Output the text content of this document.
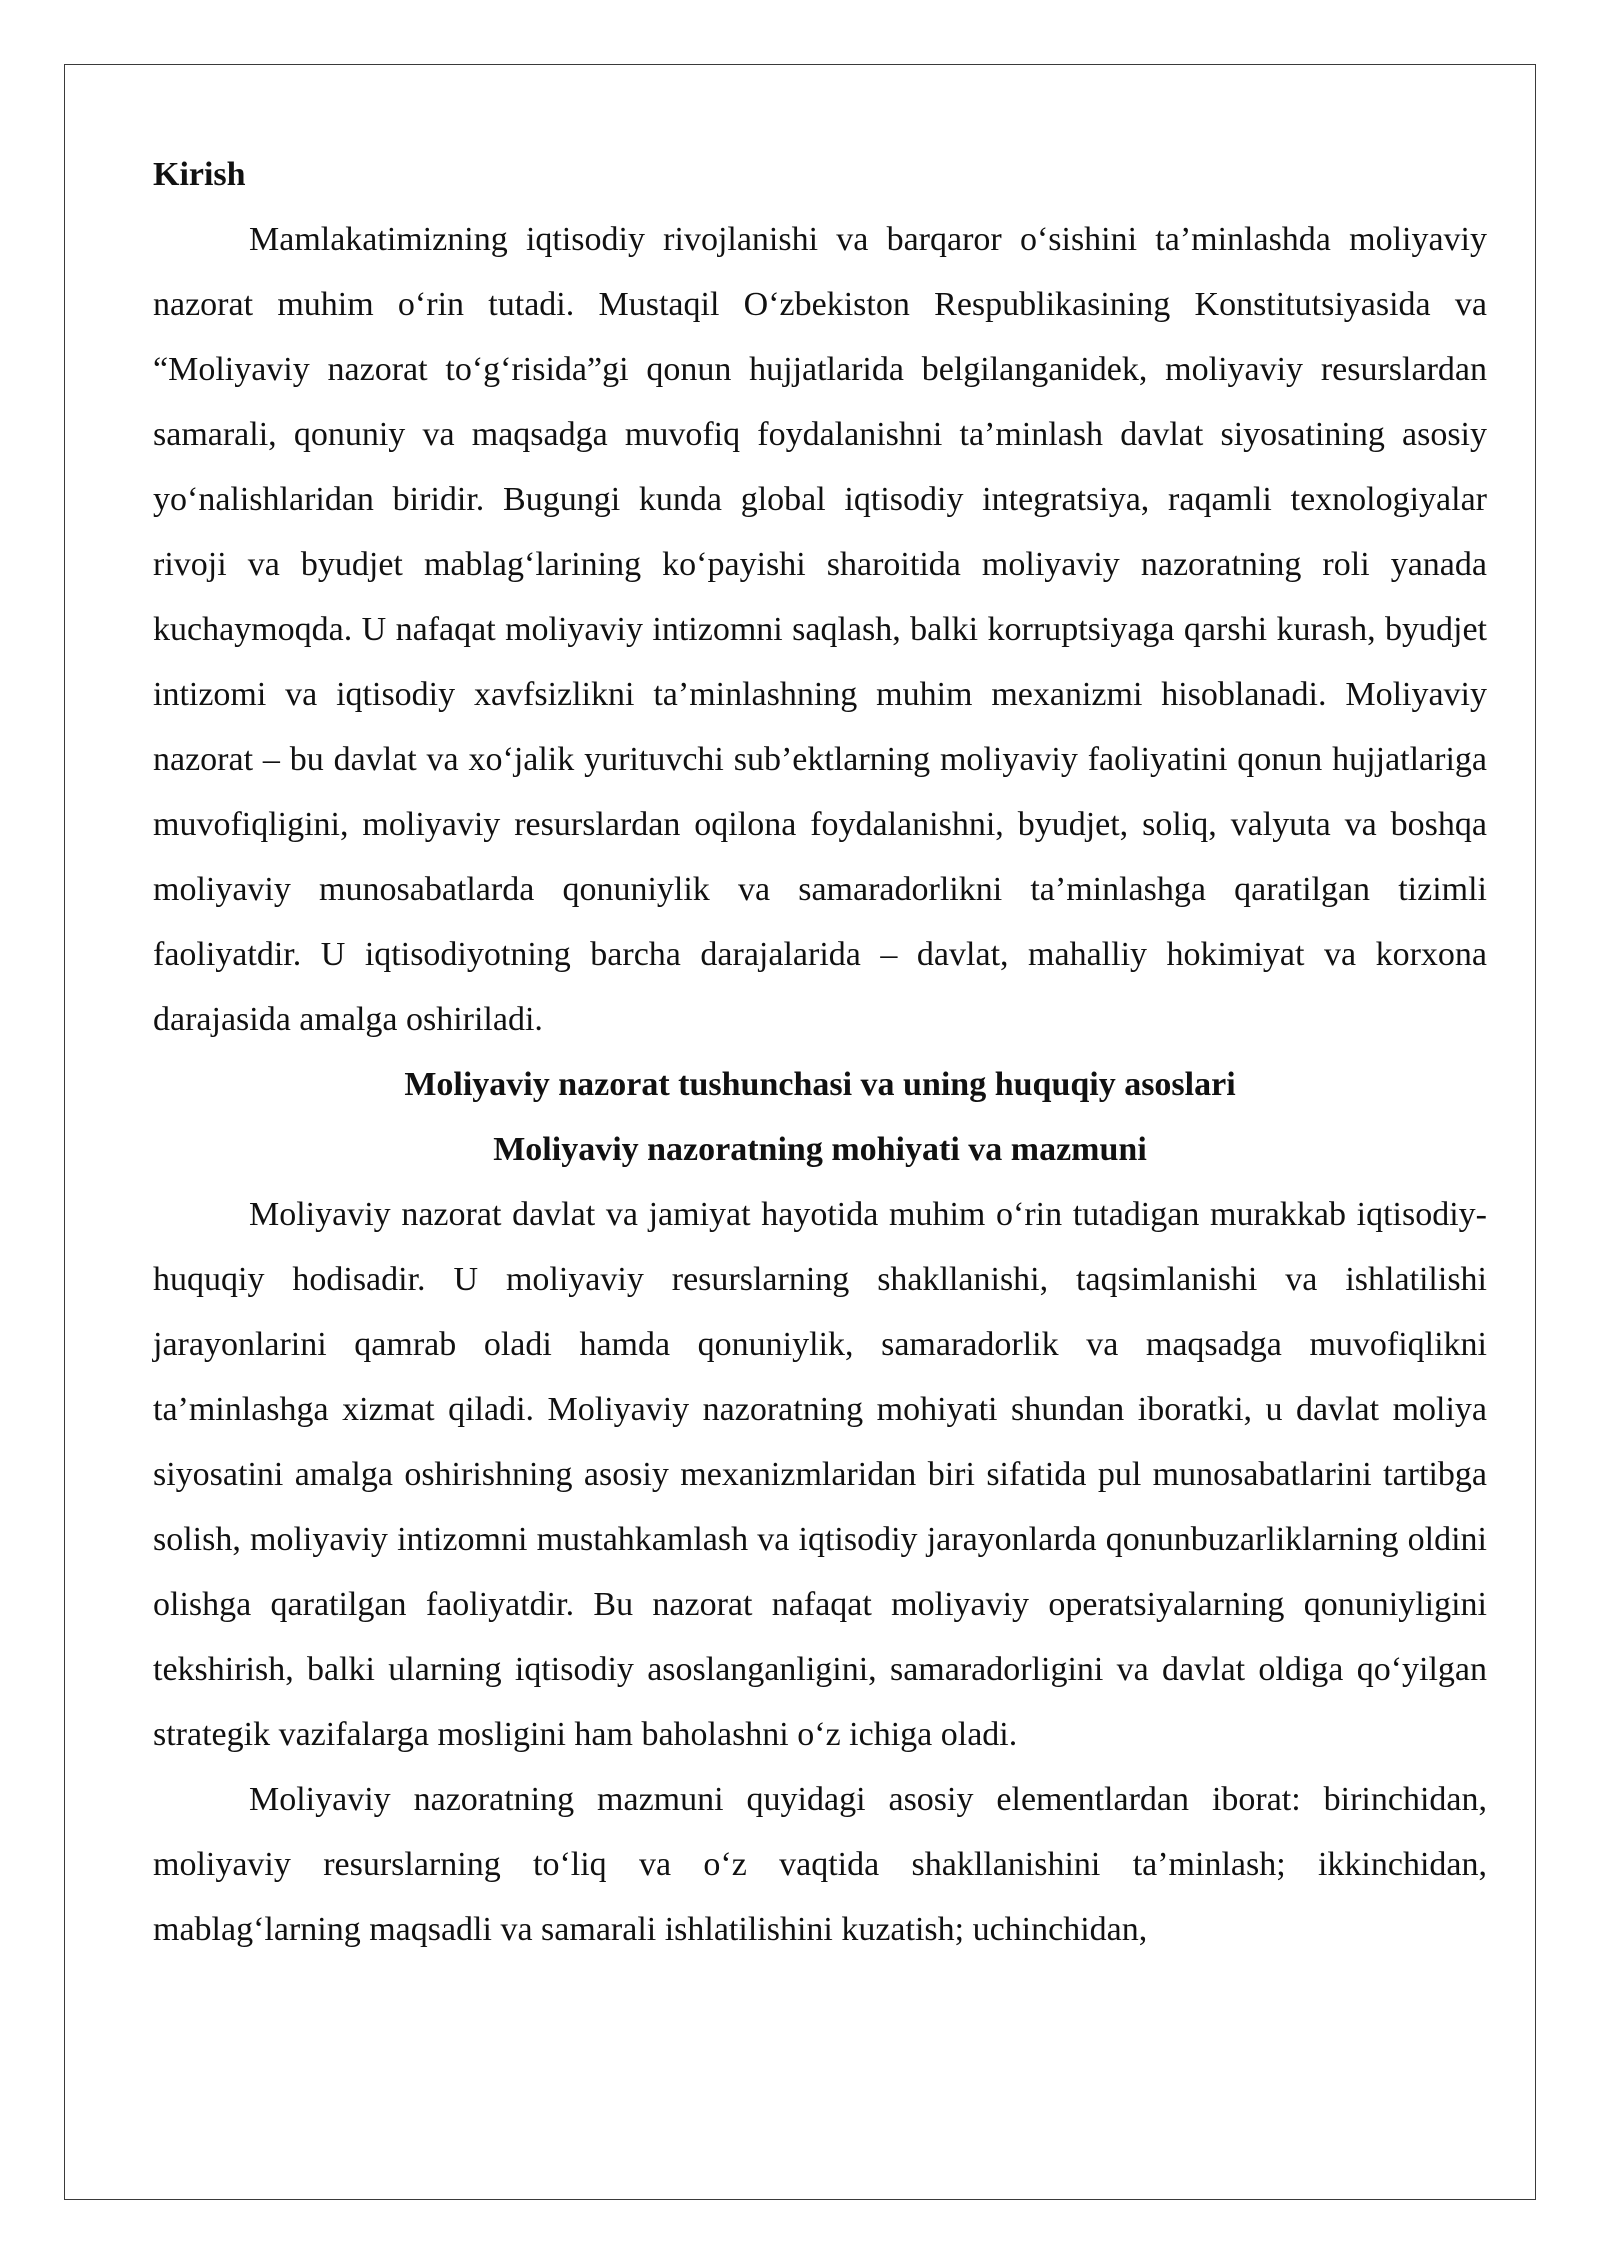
Kirish

Mamlakatimizning iqtisodiy rivojlanishi va barqaror o‘sishini ta’minlashda moliyaviy nazorat muhim o‘rin tutadi. Mustaqil O‘zbekiston Respublikasining Konstitutsiyasida va “Moliyaviy nazorat to‘g‘risida”gi qonun hujjatlarida belgilanganidek, moliyaviy resurslardan samarali, qonuniy va maqsadga muvofiq foydalanishni ta’minlash davlat siyosatining asosiy yo‘nalishlaridan biridir. Bugungi kunda global iqtisodiy integratsiya, raqamli texnologiyalar rivoji va byudjet mablag‘larining ko‘payishi sharoitida moliyaviy nazoratning roli yanada kuchaymoqda. U nafaqat moliyaviy intizomni saqlash, balki korruptsiyaga qarshi kurash, byudjet intizomi va iqtisodiy xavfsizlikni ta’minlashning muhim mexanizmi hisoblanadi. Moliyaviy nazorat – bu davlat va xo‘jalik yurituvchi sub’ektlarning moliyaviy faoliyatini qonun hujjatlariga muvofiqligini, moliyaviy resurslardan oqilona foydalanishni, byudjet, soliq, valyuta va boshqa moliyaviy munosabatlarda qonuniylik va samaradorlikni ta’minlashga qaratilgan tizimli faoliyatdir. U iqtisodiyotning barcha darajalarida – davlat, mahalliy hokimiyat va korxona darajasida amalga oshiriladi.

Moliyaviy nazorat tushunchasi va uning huquqiy asoslari

Moliyaviy nazoratning mohiyati va mazmuni

Moliyaviy nazorat davlat va jamiyat hayotida muhim o‘rin tutadigan murakkab iqtisodiy-huquqiy hodisadir. U moliyaviy resurslarning shakllanishi, taqsimlanishi va ishlatilishi jarayonlarini qamrab oladi hamda qonuniylik, samaradorlik va maqsadga muvofiqlikni ta’minlashga xizmat qiladi. Moliyaviy nazoratning mohiyati shundan iboratki, u davlat moliya siyosatini amalga oshirishning asosiy mexanizmlaridan biri sifatida pul munosabatlarini tartibga solish, moliyaviy intizomni mustahkamlash va iqtisodiy jarayonlarda qonunbuzarliklarning oldini olishga qaratilgan faoliyatdir. Bu nazorat nafaqat moliyaviy operatsiyalarning qonuniyligini tekshirish, balki ularning iqtisodiy asoslanganligini, samaradorligini va davlat oldiga qo‘yilgan strategik vazifalarga mosligini ham baholashni o‘z ichiga oladi.

Moliyaviy nazoratning mazmuni quyidagi asosiy elementlardan iborat: birinchidan, moliyaviy resurslarning to‘liq va o‘z vaqtida shakllanishini ta’minlash; ikkinchidan, mablag‘larning maqsadli va samarali ishlatilishini kuzatish; uchinchidan,
